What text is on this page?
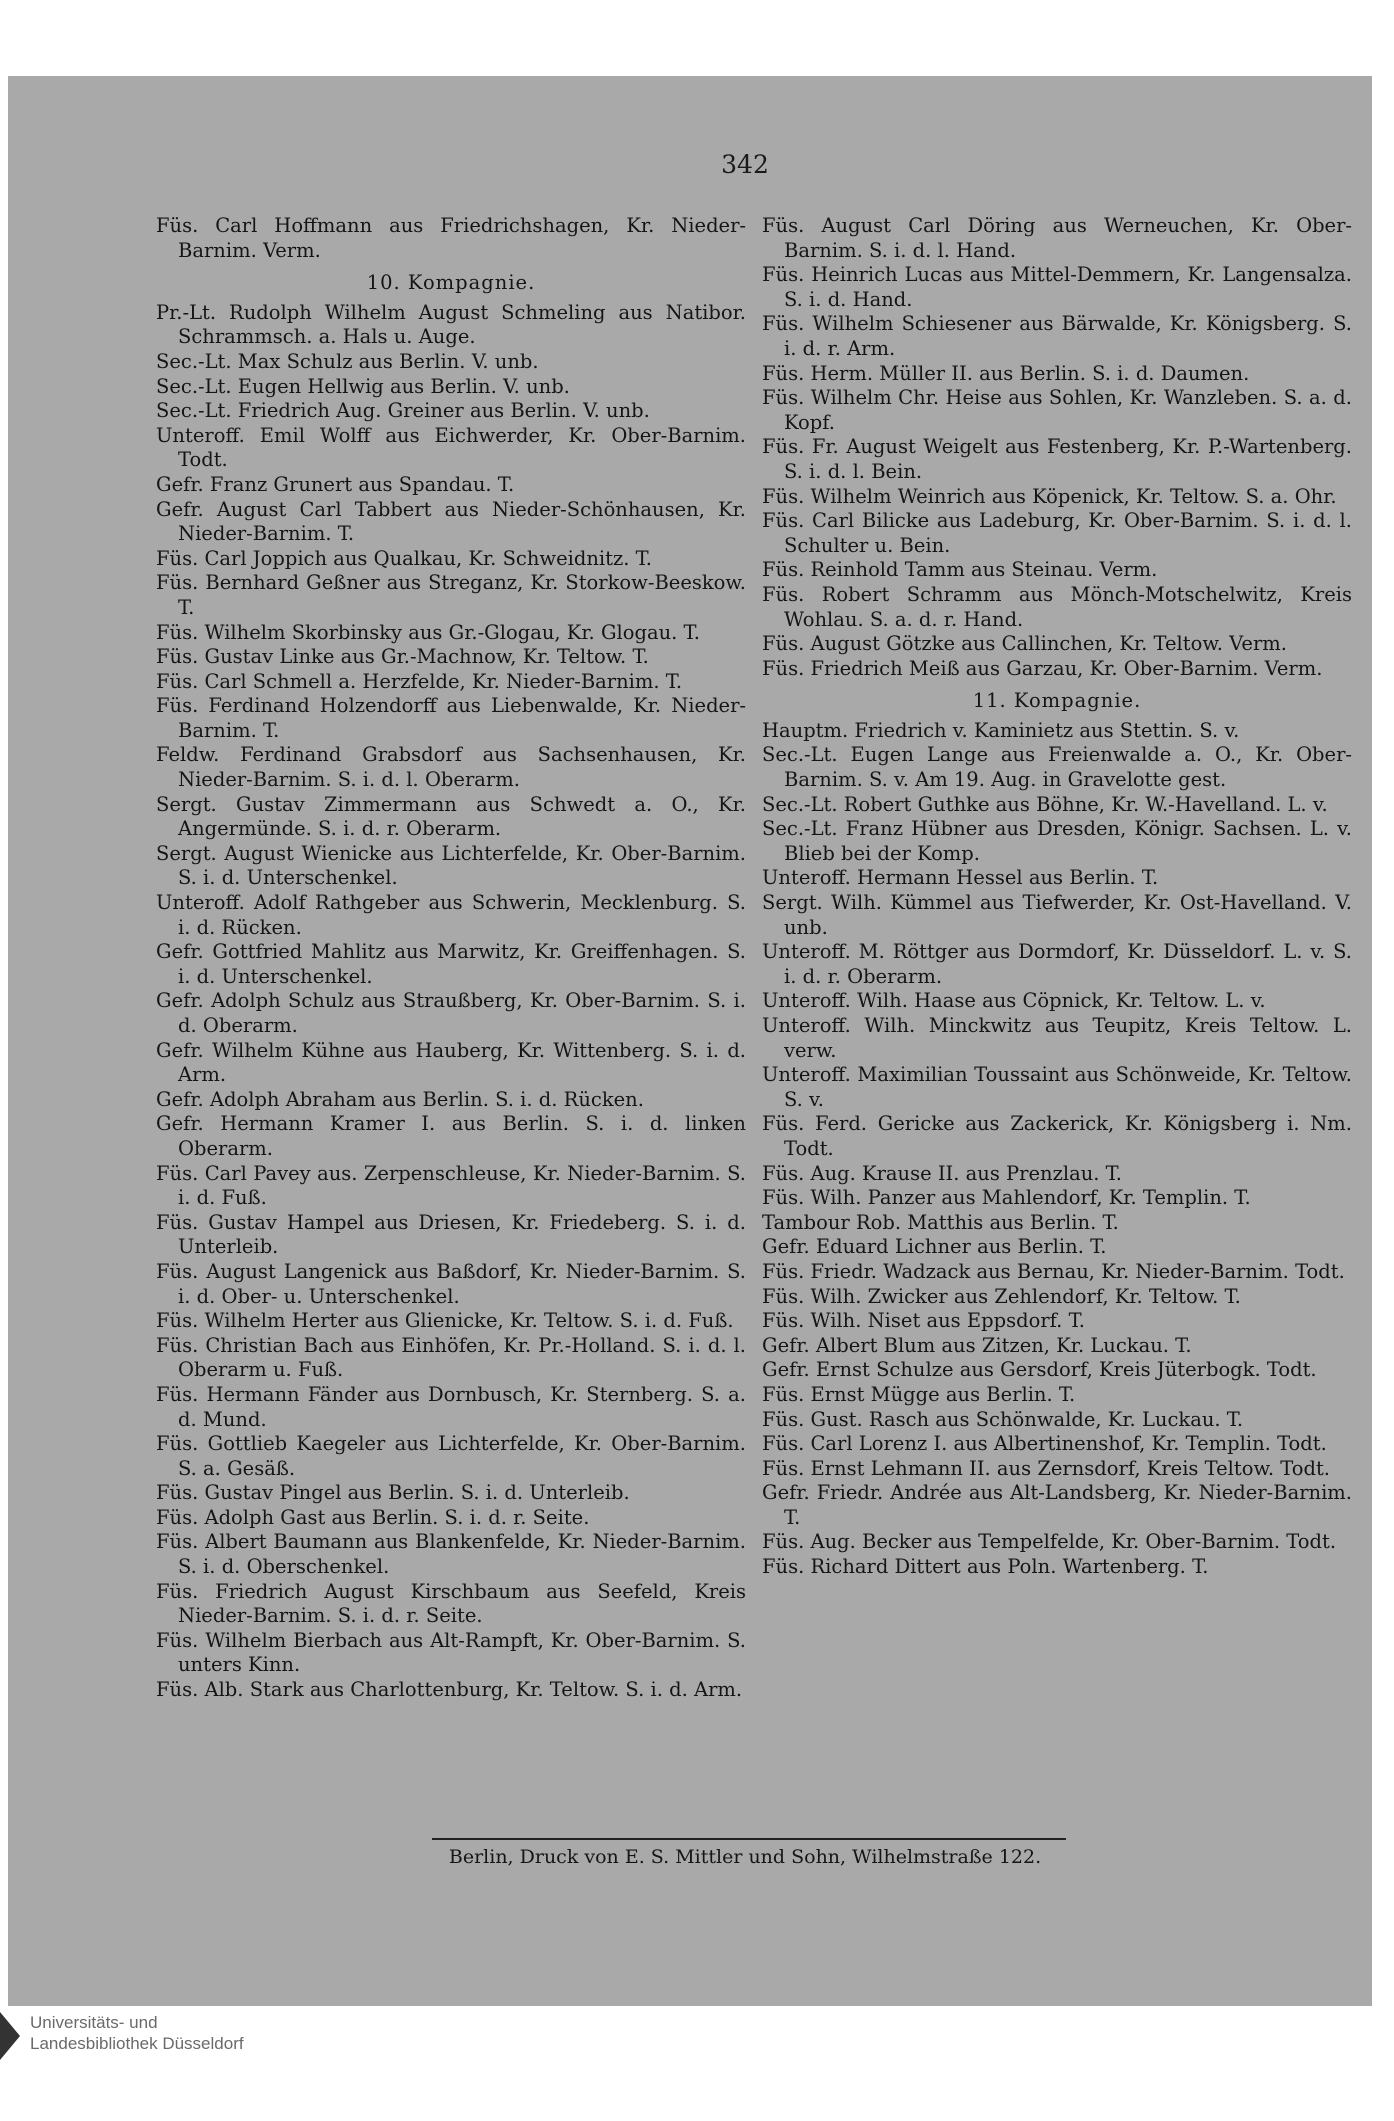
342
Füs. Carl Hoffmann aus Friedrichshagen, Kr. Nieder-Barnim. Verm.
10. Kompagnie.
Pr.-Lt. Rudolph Wilhelm August Schmeling aus Natibor. Schrammsch. a. Hals u. Auge.
Sec.-Lt. Max Schulz aus Berlin. V. unb.
Sec.-Lt. Eugen Hellwig aus Berlin. V. unb.
Sec.-Lt. Friedrich Aug. Greiner aus Berlin. V. unb.
Unteroff. Emil Wolff aus Eichwerder, Kr. Ober-Barnim. Todt.
Gefr. Franz Grunert aus Spandau. T.
Gefr. August Carl Tabbert aus Nieder-Schönhausen, Kr. Nieder-Barnim. T.
Füs. Carl Joppich aus Qualkau, Kr. Schweidnitz. T.
Füs. Bernhard Geßner aus Streganz, Kr. Storkow-Beeskow. T.
Füs. Wilhelm Skorbinsky aus Gr.-Glogau, Kr. Glogau. T.
Füs. Gustav Linke aus Gr.-Machnow, Kr. Teltow. T.
Füs. Carl Schmell a. Herzfelde, Kr. Nieder-Barnim. T.
Füs. Ferdinand Holzendorff aus Liebenwalde, Kr. Nieder-Barnim. T.
Feldw. Ferdinand Grabsdorf aus Sachsenhausen, Kr. Nieder-Barnim. S. i. d. l. Oberarm.
Sergt. Gustav Zimmermann aus Schwedt a. O., Kr. Angermünde. S. i. d. r. Oberarm.
Sergt. August Wienicke aus Lichterfelde, Kr. Ober-Barnim. S. i. d. Unterschenkel.
Unteroff. Adolf Rathgeber aus Schwerin, Mecklenburg. S. i. d. Rücken.
Gefr. Gottfried Mahlitz aus Marwitz, Kr. Greiffenhagen. S. i. d. Unterschenkel.
Gefr. Adolph Schulz aus Straußberg, Kr. Ober-Barnim. S. i. d. Oberarm.
Gefr. Wilhelm Kühne aus Hauberg, Kr. Wittenberg. S. i. d. Arm.
Gefr. Adolph Abraham aus Berlin. S. i. d. Rücken.
Gefr. Hermann Kramer I. aus Berlin. S. i. d. linken Oberarm.
Füs. Carl Pavey aus. Zerpenschleuse, Kr. Nieder-Barnim. S. i. d. Fuß.
Füs. Gustav Hampel aus Driesen, Kr. Friedeberg. S. i. d. Unterleib.
Füs. August Langenick aus Baßdorf, Kr. Nieder-Barnim. S. i. d. Ober- u. Unterschenkel.
Füs. Wilhelm Herter aus Glienicke, Kr. Teltow. S. i. d. Fuß.
Füs. Christian Bach aus Einhöfen, Kr. Pr.-Holland. S. i. d. l. Oberarm u. Fuß.
Füs. Hermann Fänder aus Dornbusch, Kr. Sternberg. S. a. d. Mund.
Füs. Gottlieb Kaegeler aus Lichterfelde, Kr. Ober-Barnim. S. a. Gesäß.
Füs. Gustav Pingel aus Berlin. S. i. d. Unterleib.
Füs. Adolph Gast aus Berlin. S. i. d. r. Seite.
Füs. Albert Baumann aus Blankenfelde, Kr. Nieder-Barnim. S. i. d. Oberschenkel.
Füs. Friedrich August Kirschbaum aus Seefeld, Kreis Nieder-Barnim. S. i. d. r. Seite.
Füs. Wilhelm Bierbach aus Alt-Rampft, Kr. Ober-Barnim. S. unters Kinn.
Füs. Alb. Stark aus Charlottenburg, Kr. Teltow. S. i. d. Arm.
Füs. August Carl Döring aus Werneuchen, Kr. Ober-Barnim. S. i. d. l. Hand.
Füs. Heinrich Lucas aus Mittel-Demmern, Kr. Langensalza. S. i. d. Hand.
Füs. Wilhelm Schiesener aus Bärwalde, Kr. Königsberg. S. i. d. r. Arm.
Füs. Herm. Müller II. aus Berlin. S. i. d. Daumen.
Füs. Wilhelm Chr. Heise aus Sohlen, Kr. Wanzleben. S. a. d. Kopf.
Füs. Fr. August Weigelt aus Festenberg, Kr. P.-Wartenberg. S. i. d. l. Bein.
Füs. Wilhelm Weinrich aus Köpenick, Kr. Teltow. S. a. Ohr.
Füs. Carl Bilicke aus Ladeburg, Kr. Ober-Barnim. S. i. d. l. Schulter u. Bein.
Füs. Reinhold Tamm aus Steinau. Verm.
Füs. Robert Schramm aus Mönch-Motschelwitz, Kreis Wohlau. S. a. d. r. Hand.
Füs. August Götzke aus Callinchen, Kr. Teltow. Verm.
Füs. Friedrich Meiß aus Garzau, Kr. Ober-Barnim. Verm.
11. Kompagnie.
Hauptm. Friedrich v. Kaminietz aus Stettin. S. v.
Sec.-Lt. Eugen Lange aus Freienwalde a. O., Kr. Ober-Barnim. S. v. Am 19. Aug. in Gravelotte gest.
Sec.-Lt. Robert Guthke aus Böhne, Kr. W.-Havelland. L. v.
Sec.-Lt. Franz Hübner aus Dresden, Königr. Sachsen. L. v. Blieb bei der Komp.
Unteroff. Hermann Hessel aus Berlin. T.
Sergt. Wilh. Kümmel aus Tiefwerder, Kr. Ost-Havelland. V. unb.
Unteroff. M. Röttger aus Dormdorf, Kr. Düsseldorf. L. v. S. i. d. r. Oberarm.
Unteroff. Wilh. Haase aus Cöpnick, Kr. Teltow. L. v.
Unteroff. Wilh. Minckwitz aus Teupitz, Kreis Teltow. L. verw.
Unteroff. Maximilian Toussaint aus Schönweide, Kr. Teltow. S. v.
Füs. Ferd. Gericke aus Zackerick, Kr. Königsberg i. Nm. Todt.
Füs. Aug. Krause II. aus Prenzlau. T.
Füs. Wilh. Panzer aus Mahlendorf, Kr. Templin. T.
Tambour Rob. Matthis aus Berlin. T.
Gefr. Eduard Lichner aus Berlin. T.
Füs. Friedr. Wadzack aus Bernau, Kr. Nieder-Barnim. Todt.
Füs. Wilh. Zwicker aus Zehlendorf, Kr. Teltow. T.
Füs. Wilh. Niset aus Eppsdorf. T.
Gefr. Albert Blum aus Zitzen, Kr. Luckau. T.
Gefr. Ernst Schulze aus Gersdorf, Kreis Jüterbogk. Todt.
Füs. Ernst Mügge aus Berlin. T.
Füs. Gust. Rasch aus Schönwalde, Kr. Luckau. T.
Füs. Carl Lorenz I. aus Albertinenshof, Kr. Templin. Todt.
Füs. Ernst Lehmann II. aus Zernsdorf, Kreis Teltow. Todt.
Gefr. Friedr. Andrée aus Alt-Landsberg, Kr. Nieder-Barnim. T.
Füs. Aug. Becker aus Tempelfelde, Kr. Ober-Barnim. Todt.
Füs. Richard Dittert aus Poln. Wartenberg. T.
Berlin, Druck von E. S. Mittler und Sohn, Wilhelmstraße 122.
Universitäts- und
Landesbibliothek Düsseldorf
